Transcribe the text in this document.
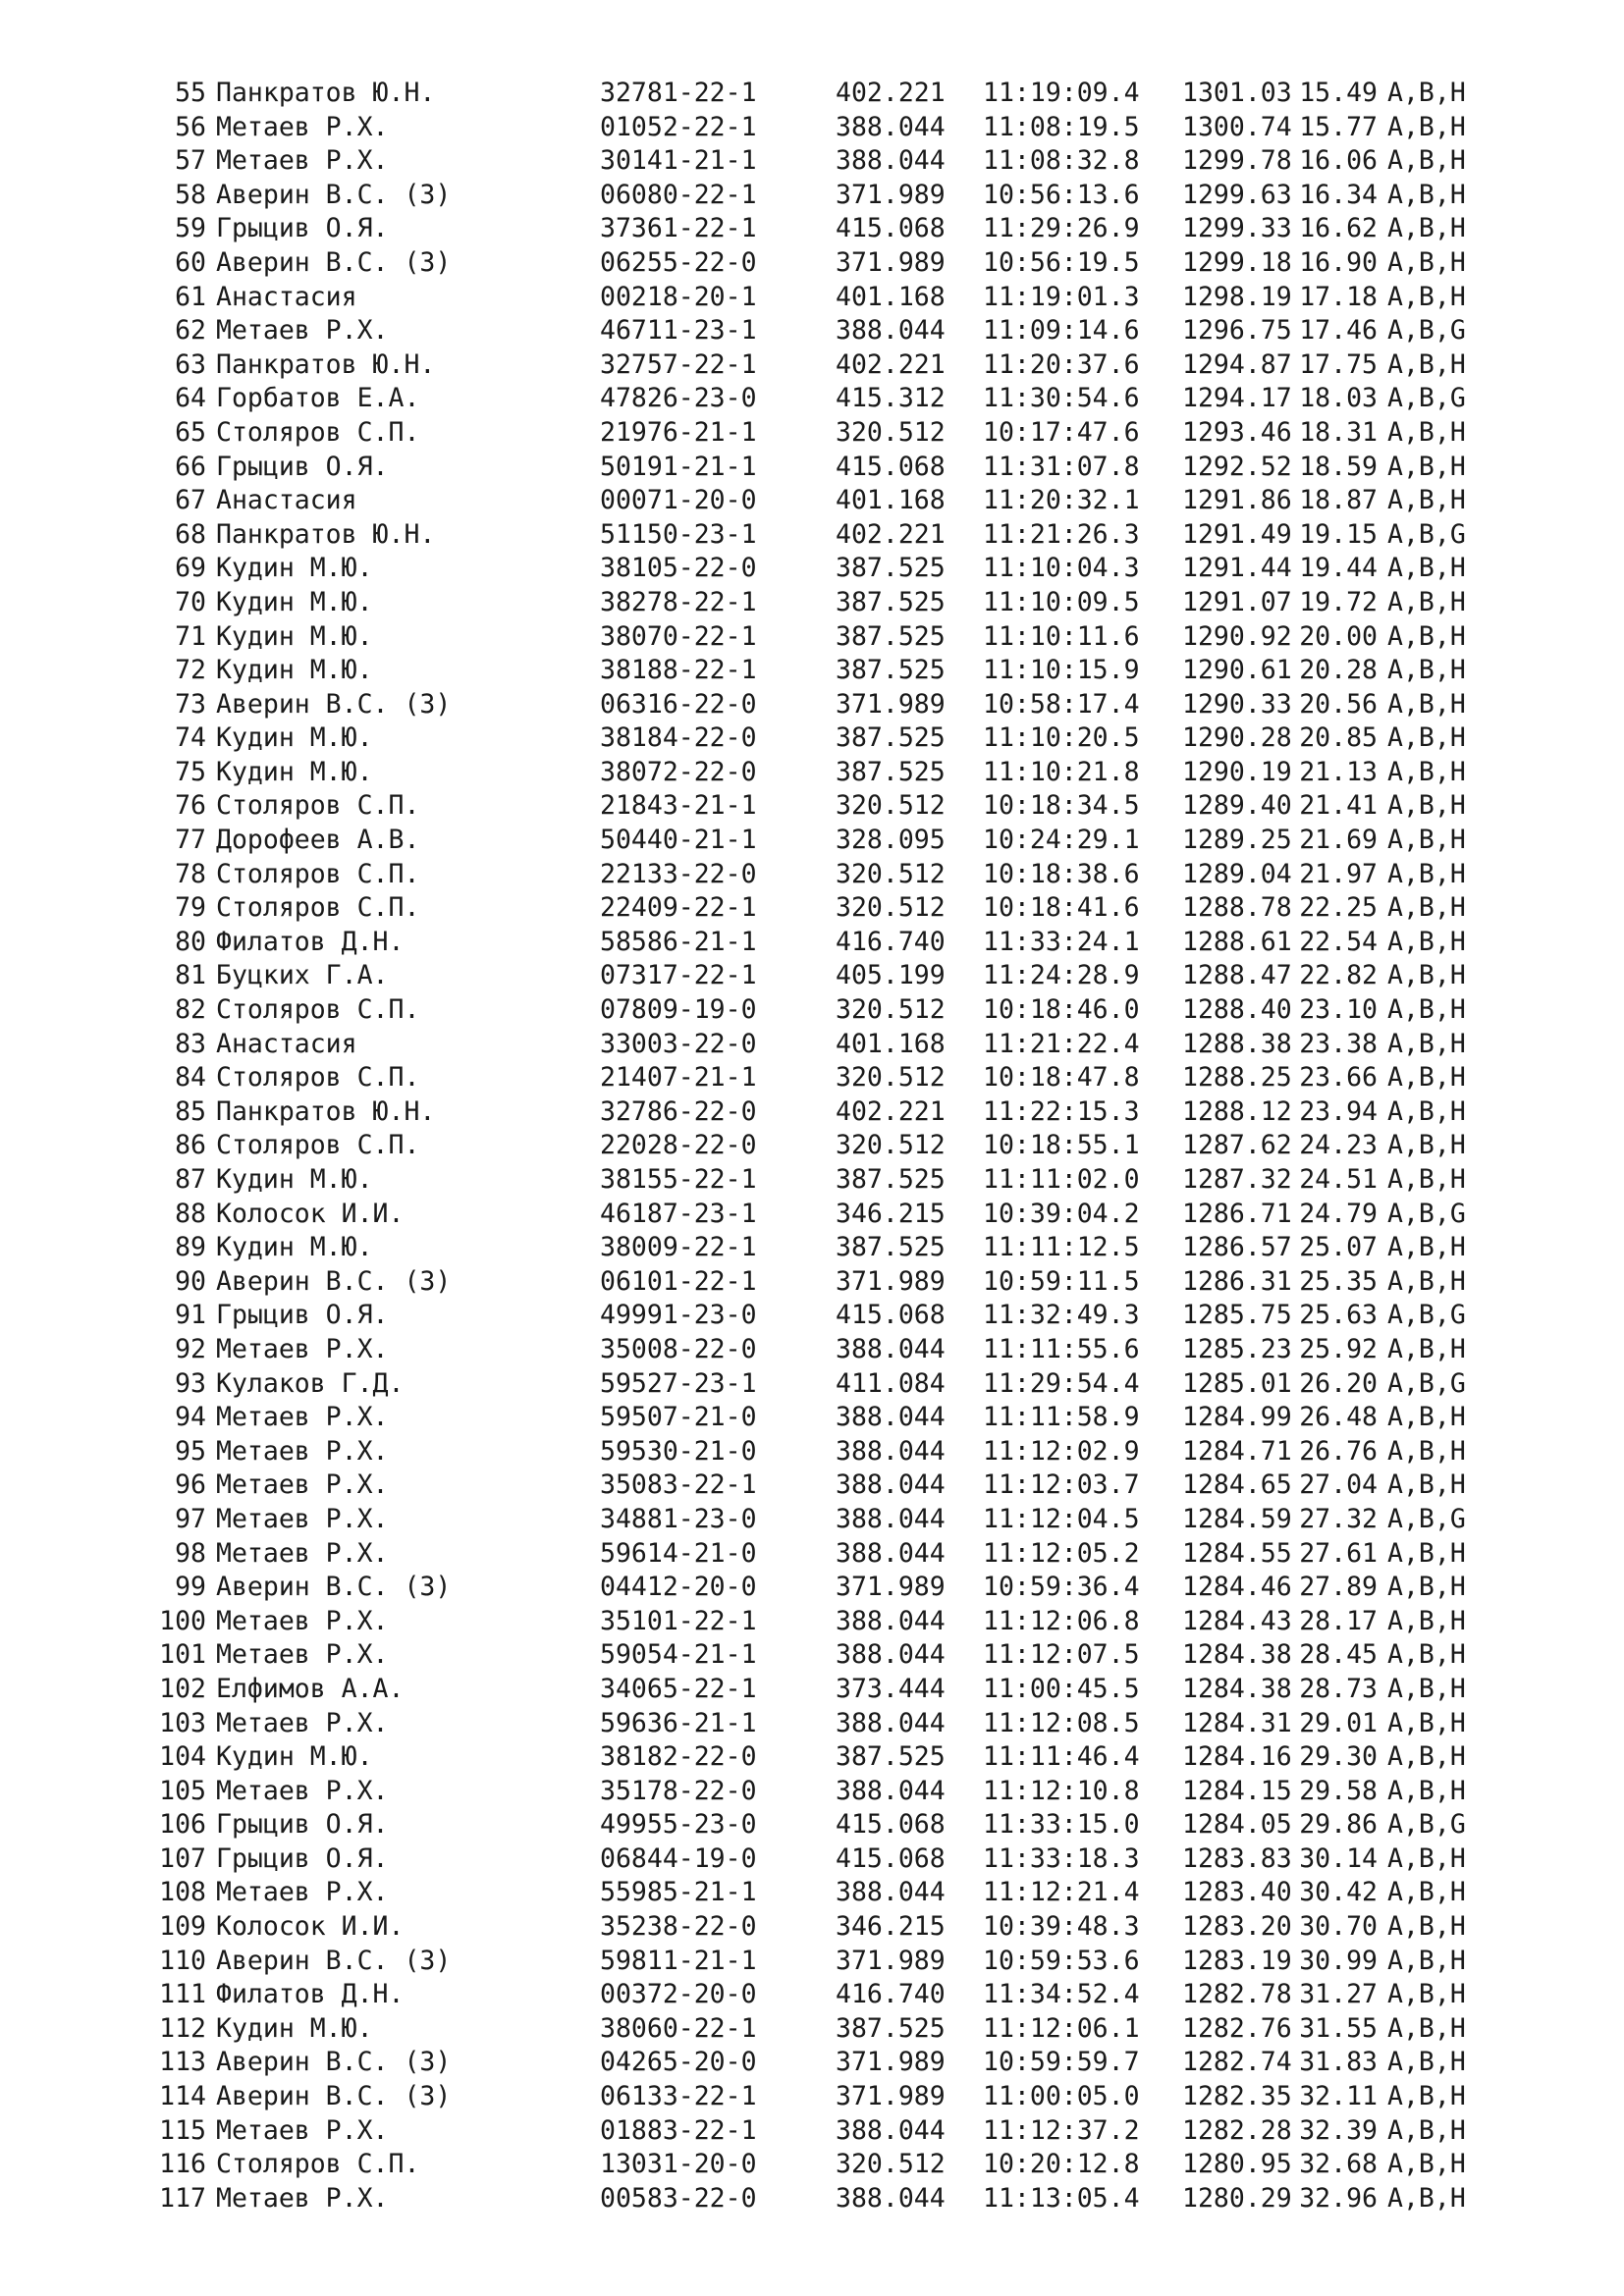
55 Панкратов Ю.Н.	32781-22-1	402.221	11:19:09.4	1301.03 15.49 A,B,H
56 Метаев Р.Х.	01052-22-1	388.044	11:08:19.5	1300.74 15.77 A,B,H
57 Метаев Р.Х.	30141-21-1	388.044	11:08:32.8	1299.78 16.06 A,B,H
58 Аверин В.С. (З)	06080-22-1	371.989	10:56:13.6	1299.63 16.34 A,B,H
59 Грыцив О.Я.	37361-22-1	415.068	11:29:26.9	1299.33 16.62 A,B,H
60 Аверин В.С. (З)	06255-22-0	371.989	10:56:19.5	1299.18 16.90 A,B,H
61 Анастасия	00218-20-1	401.168	11:19:01.3	1298.19 17.18 A,B,H
62 Метаев Р.Х.	46711-23-1	388.044	11:09:14.6	1296.75 17.46 A,B,G
63 Панкратов Ю.Н.	32757-22-1	402.221	11:20:37.6	1294.87 17.75 A,B,H
64 Горбатов Е.А.	47826-23-0	415.312	11:30:54.6	1294.17 18.03 A,B,G
65 Столяров С.П.	21976-21-1	320.512	10:17:47.6	1293.46 18.31 A,B,H
66 Грыцив О.Я.	50191-21-1	415.068	11:31:07.8	1292.52 18.59 A,B,H
67 Анастасия	00071-20-0	401.168	11:20:32.1	1291.86 18.87 A,B,H
68 Панкратов Ю.Н.	51150-23-1	402.221	11:21:26.3	1291.49 19.15 A,B,G
69 Кудин М.Ю.	38105-22-0	387.525	11:10:04.3	1291.44 19.44 A,B,H
70 Кудин М.Ю.	38278-22-1	387.525	11:10:09.5	1291.07 19.72 A,B,H
71 Кудин М.Ю.	38070-22-1	387.525	11:10:11.6	1290.92 20.00 A,B,H
72 Кудин М.Ю.	38188-22-1	387.525	11:10:15.9	1290.61 20.28 A,B,H
73 Аверин В.С. (З)	06316-22-0	371.989	10:58:17.4	1290.33 20.56 A,B,H
74 Кудин М.Ю.	38184-22-0	387.525	11:10:20.5	1290.28 20.85 A,B,H
75 Кудин М.Ю.	38072-22-0	387.525	11:10:21.8	1290.19 21.13 A,B,H
76 Столяров С.П.	21843-21-1	320.512	10:18:34.5	1289.40 21.41 A,B,H
77 Дорофеев А.В.	50440-21-1	328.095	10:24:29.1	1289.25 21.69 A,B,H
78 Столяров С.П.	22133-22-0	320.512	10:18:38.6	1289.04 21.97 A,B,H
79 Столяров С.П.	22409-22-1	320.512	10:18:41.6	1288.78 22.25 A,B,H
80 Филатов Д.Н.	58586-21-1	416.740	11:33:24.1	1288.61 22.54 A,B,H
81 Буцких Г.А.	07317-22-1	405.199	11:24:28.9	1288.47 22.82 A,B,H
82 Столяров С.П.	07809-19-0	320.512	10:18:46.0	1288.40 23.10 A,B,H
83 Анастасия	33003-22-0	401.168	11:21:22.4	1288.38 23.38 A,B,H
84 Столяров С.П.	21407-21-1	320.512	10:18:47.8	1288.25 23.66 A,B,H
85 Панкратов Ю.Н.	32786-22-0	402.221	11:22:15.3	1288.12 23.94 A,B,H
86 Столяров С.П.	22028-22-0	320.512	10:18:55.1	1287.62 24.23 A,B,H
87 Кудин М.Ю.	38155-22-1	387.525	11:11:02.0	1287.32 24.51 A,B,H
88 Колосок И.И.	46187-23-1	346.215	10:39:04.2	1286.71 24.79 A,B,G
89 Кудин М.Ю.	38009-22-1	387.525	11:11:12.5	1286.57 25.07 A,B,H
90 Аверин В.С. (З)	06101-22-1	371.989	10:59:11.5	1286.31 25.35 A,B,H
91 Грыцив О.Я.	49991-23-0	415.068	11:32:49.3	1285.75 25.63 A,B,G
92 Метаев Р.Х.	35008-22-0	388.044	11:11:55.6	1285.23 25.92 A,B,H
93 Кулаков Г.Д.	59527-23-1	411.084	11:29:54.4	1285.01 26.20 A,B,G
94 Метаев Р.Х.	59507-21-0	388.044	11:11:58.9	1284.99 26.48 A,B,H
95 Метаев Р.Х.	59530-21-0	388.044	11:12:02.9	1284.71 26.76 A,B,H
96 Метаев Р.Х.	35083-22-1	388.044	11:12:03.7	1284.65 27.04 A,B,H
97 Метаев Р.Х.	34881-23-0	388.044	11:12:04.5	1284.59 27.32 A,B,G
98 Метаев Р.Х.	59614-21-0	388.044	11:12:05.2	1284.55 27.61 A,B,H
99 Аверин В.С. (З)	04412-20-0	371.989	10:59:36.4	1284.46 27.89 A,B,H
100 Метаев Р.Х.	35101-22-1	388.044	11:12:06.8	1284.43 28.17 A,B,H
101 Метаев Р.Х.	59054-21-1	388.044	11:12:07.5	1284.38 28.45 A,B,H
102 Елфимов А.А.	34065-22-1	373.444	11:00:45.5	1284.38 28.73 A,B,H
103 Метаев Р.Х.	59636-21-1	388.044	11:12:08.5	1284.31 29.01 A,B,H
104 Кудин М.Ю.	38182-22-0	387.525	11:11:46.4	1284.16 29.30 A,B,H
105 Метаев Р.Х.	35178-22-0	388.044	11:12:10.8	1284.15 29.58 A,B,H
106 Грыцив О.Я.	49955-23-0	415.068	11:33:15.0	1284.05 29.86 A,B,G
107 Грыцив О.Я.	06844-19-0	415.068	11:33:18.3	1283.83 30.14 A,B,H
108 Метаев Р.Х.	55985-21-1	388.044	11:12:21.4	1283.40 30.42 A,B,H
109 Колосок И.И.	35238-22-0	346.215	10:39:48.3	1283.20 30.70 A,B,H
110 Аверин В.С. (З)	59811-21-1	371.989	10:59:53.6	1283.19 30.99 A,B,H
111 Филатов Д.Н.	00372-20-0	416.740	11:34:52.4	1282.78 31.27 A,B,H
112 Кудин М.Ю.	38060-22-1	387.525	11:12:06.1	1282.76 31.55 A,B,H
113 Аверин В.С. (З)	04265-20-0	371.989	10:59:59.7	1282.74 31.83 A,B,H
114 Аверин В.С. (З)	06133-22-1	371.989	11:00:05.0	1282.35 32.11 A,B,H
115 Метаев Р.Х.	01883-22-1	388.044	11:12:37.2	1282.28 32.39 A,B,H
116 Столяров С.П.	13031-20-0	320.512	10:20:12.8	1280.95 32.68 A,B,H
117 Метаев Р.Х.	00583-22-0	388.044	11:13:05.4	1280.29 32.96 A,B,H
